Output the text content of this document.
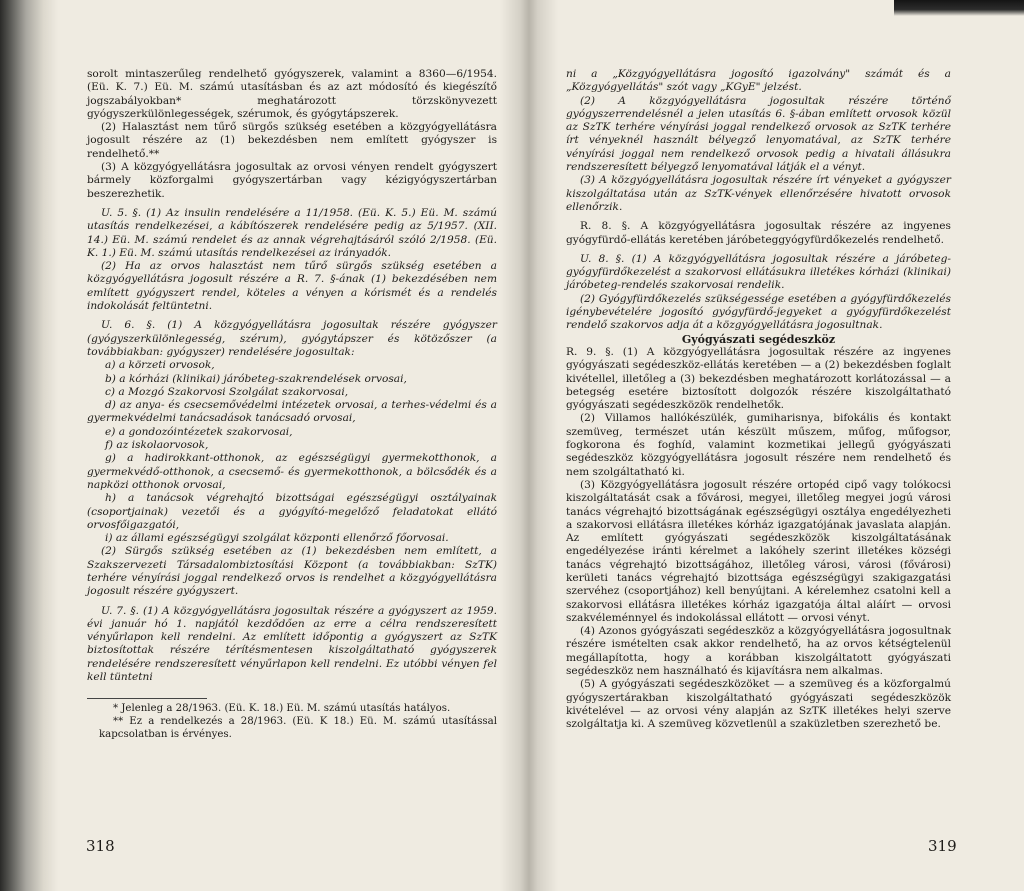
sorolt mintaszerűleg rendelhető gyógyszerek, valamint a 8360—6/1954. (Eü. K. 7.) Eü. M. számú utasításban és az azt módosító és kiegészítő jogszabályokban* meghatározott törzskönyvezett gyógyszerkülönlegességek, szérumok, és gyógytápszerek.

(2) Halasztást nem tűrő sürgős szükség esetében a közgyógyellátásra jogosult részére az (1) bekezdésben nem említett gyógyszer is rendelhető.**

(3) A közgyógyellátásra jogosultak az orvosi vényen rendelt gyógyszert bármely közforgalmi gyógyszertárban vagy kézigyógyszertárban beszerezhetik.

U. 5. §. (1) Az insulin rendelésére a 11/1958. (Eü. K. 5.) Eü. M. számú utasítás rendelkezései, a kábítószerek rendelésére pedig az 5/1957. (XII. 14.) Eü. M. számú rendelet és az annak végrehajtásáról szóló 2/1958. (Eü. K. 1.) Eü. M. számú utasítás rendelkezései az irányadók.

(2) Ha az orvos halasztást nem tűrő sürgős szükség esetében a közgyógyellátásra jogosult részére a R. 7. §-ának (1) bekezdésében nem említett gyógyszert rendel, köteles a vényen a kórismét és a rendelés indokolását feltüntetni.

U. 6. §. (1) A közgyógyellátásra jogosultak részére gyógyszer (gyógyszerkülönlegesség, szérum), gyógytápszer és kötözőszer (a továbbiakban: gyógyszer) rendelésére jogosultak:

a) a körzeti orvosok,

b) a kórházi (klinikai) járóbeteg-szakrendelések orvosai,

c) a Mozgó Szakorvosi Szolgálat szakorvosai,

d) az anya- és csecsemővédelmi intézetek orvosai, a terhes-védelmi és a gyermekvédelmi tanácsadások tanácsadó orvosai,

e) a gondozóintézetek szakorvosai,

f) az iskolaorvosok,

g) a hadirokkant-otthonok, az egészségügyi gyermekotthonok, a gyermekvédő-otthonok, a csecsemő- és gyermekotthonok, a bölcsődék és a napközi otthonok orvosai,

h) a tanácsok végrehajtó bizottságai egészségügyi osztályainak (csoportjainak) vezetői és a gyógyító-megelőző feladatokat ellátó orvosfőigazgatói,

i) az állami egészségügyi szolgálat központi ellenőrző főorvosai.

(2) Sürgős szükség esetében az (1) bekezdésben nem említett, a Szakszervezeti Társadalombiztosítási Központ (a továbbiakban: SzTK) terhére vényírási joggal rendelkező orvos is rendelhet a közgyógyellátásra jogosult részére gyógyszert.

U. 7. §. (1) A közgyógyellátásra jogosultak részére a gyógyszert az 1959. évi január hó 1. napjától kezdődően az erre a célra rendszeresített vényűrlapon kell rendelni. Az említett időpontig a gyógyszert az SzTK biztosítottak részére térítésmentesen kiszolgáltatható gyógyszerek rendelésére rendszeresített vényűrlapon kell rendelni. Ez utóbbi vényen fel kell tüntetni

* Jelenleg a 28/1963. (Eü. K. 18.) Eü. M. számú utasítás hatályos.

** Ez a rendelkezés a 28/1963. (Eü. K 18.) Eü. M. számú utasítással kapcsolatban is érvényes.

ni a „Közgyógyellátásra jogosító igazolvány" számát és a „Közgyógyellátás" szót vagy „KGyE" jelzést.

(2) A közgyógyellátásra jogosultak részére történő gyógyszerrendelésnél a jelen utasítás 6. §-ában említett orvosok közül az SzTK terhére vényírási joggal rendelkező orvosok az SzTK terhére írt vényeknél használt bélyegző lenyomatával, az SzTK terhére vényírási joggal nem rendelkező orvosok pedig a hivatali állásukra rendszeresített bélyegző lenyomatával látják el a vényt.

(3) A közgyógyellátásra jogosultak részére írt vényeket a gyógyszer kiszolgáltatása után az SzTK-vények ellenőrzésére hivatott orvosok ellenőrzik.

R. 8. §. A közgyógyellátásra jogosultak részére az ingyenes gyógyfürdő-ellátás keretében járóbeteggyógyfürdőkezelés rendelhető.

U. 8. §. (1) A közgyógyellátásra jogosultak részére a járóbeteg-gyógyfürdőkezelést a szakorvosi ellátásukra illetékes kórházi (klinikai) járóbeteg-rendelés szakorvosai rendelik.

(2) Gyógyfürdőkezelés szükségessége esetében a gyógyfürdőkezelés igénybevételére jogosító gyógyfürdő-jegyeket a gyógyfürdőkezelést rendelő szakorvos adja át a közgyógyellátásra jogosultnak.

Gyógyászati segédeszköz

R. 9. §. (1) A közgyógyellátásra jogosultak részére az ingyenes gyógyászati segédeszköz-ellátás keretében — a (2) bekezdésben foglalt kivétellel, illetőleg a (3) bekezdésben meghatározott korlátozással — a betegség esetére biztosított dolgozók részére kiszolgáltatható gyógyászati segédeszközök rendelhetők.

(2) Villamos hallókészülék, gumiharisnya, bifokális és kontakt szemüveg, természet után készült műszem, műfog, műfogsor, fogkorona és foghíd, valamint kozmetikai jellegű gyógyászati segédeszköz közgyógyellátásra jogosult részére nem rendelhető és nem szolgáltatható ki.

(3) Közgyógyellátásra jogosult részére ortopéd cipő vagy tolókocsi kiszolgáltatását csak a fővárosi, megyei, illetőleg megyei jogú városi tanács végrehajtó bizottságának egészségügyi osztálya engedélyezheti a szakorvosi ellátásra illetékes kórház igazgatójának javaslata alapján. Az említett gyógyászati segédeszközök kiszolgáltatásának engedélyezése iránti kérelmet a lakóhely szerint illetékes községi tanács végrehajtó bizottságához, illetőleg városi, városi (fővárosi) kerületi tanács végrehajtó bizottsága egészségügyi szakigazgatási szervéhez (csoportjához) kell benyújtani. A kérelemhez csatolni kell a szakorvosi ellátásra illetékes kórház igazgatója által aláírt — orvosi szakvéleménnyel és indokolással ellátott — orvosi vényt.

(4) Azonos gyógyászati segédeszköz a közgyógyellátásra jogosultnak részére ismételten csak akkor rendelhető, ha az orvos kétségtelenül megállapította, hogy a korábban kiszolgáltatott gyógyászati segédeszköz nem használható és kijavításra nem alkalmas.

(5) A gyógyászati segédeszközöket — a szemüveg és a közforgalmú gyógyszertárakban kiszolgáltatható gyógyászati segédeszközök kivételével — az orvosi vény alapján az SzTK illetékes helyi szerve szolgáltatja ki. A szemüveg közvetlenül a szaküzletben szerezhető be.

318	319
